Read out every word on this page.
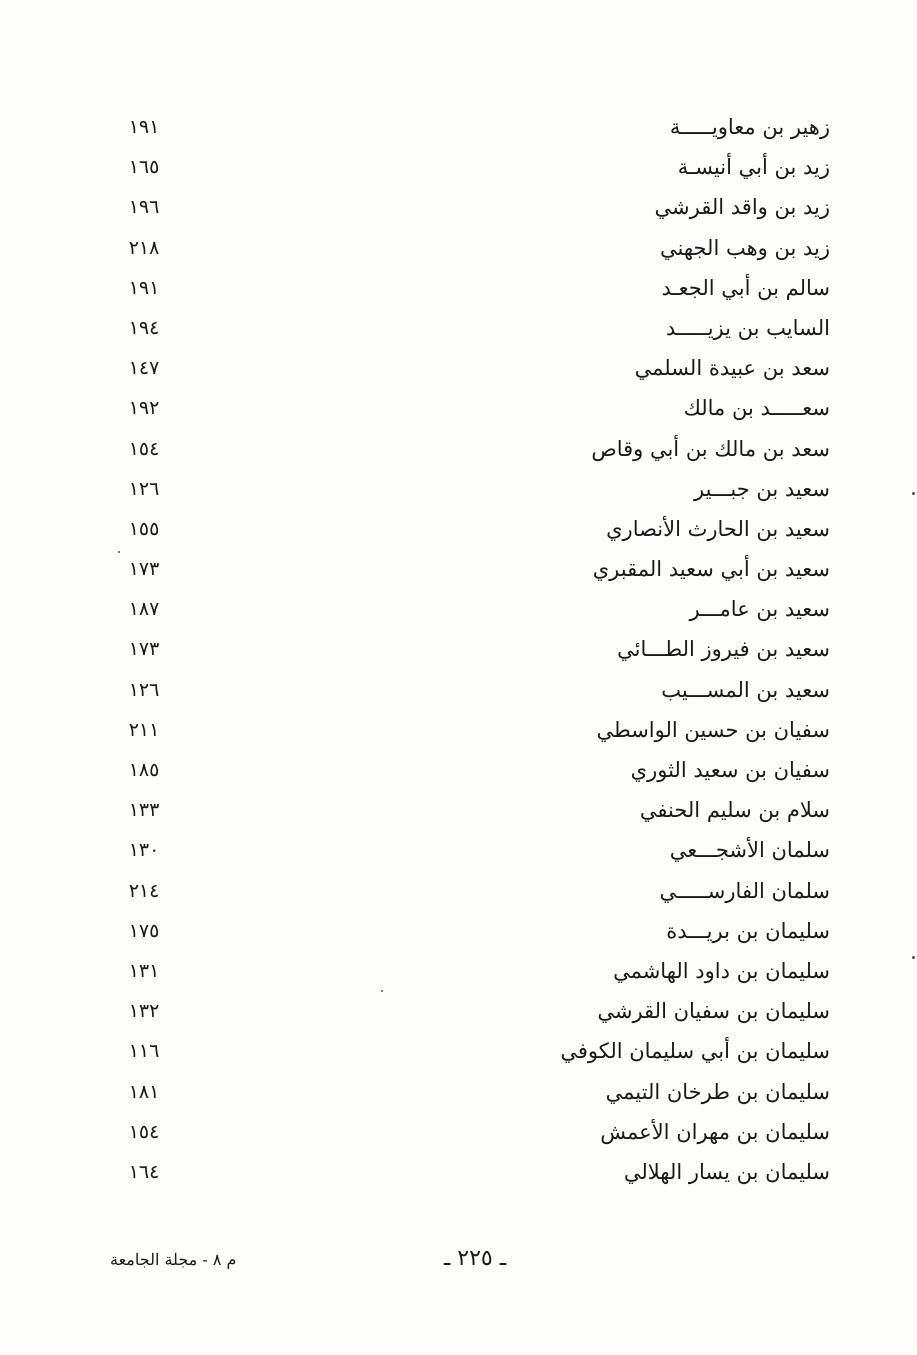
زهير بن معاويـــــة
١٩١
زيد بن أبي أنيسـة
١٦٥
زيد بن واقد القرشي
١٩٦
زيد بن وهب الجهني
٢١٨
سالم بن أبي الجعـد
١٩١
السايب بن يزيـــــد
١٩٤
سعد بن عبيدة السلمي
١٤٧
سعـــــد بن مالك
١٩٢
سعد بن مالك بن أبي وقاص
١٥٤
سعيد بن جبـــير
١٢٦
سعيد بن الحارث الأنصاري
١٥٥
سعيد بن أبي سعيد المقبري
١٧٣
سعيد بن عامـــر
١٨٧
سعيد بن فيروز الطـــائي
١٧٣
سعيد بن المســـيب
١٢٦
سفيان بن حسين الواسطي
٢١١
سفيان بن سعيد الثوري
١٨٥
سلام بن سليم الحنفي
١٣٣
سلمان الأشجـــعي
١٣٠
سلمان الفارســـــي
٢١٤
سليمان بن بريـــدة
١٧٥
سليمان بن داود الهاشمي
١٣١
سليمان بن سفيان القرشي
١٣٢
سليمان بن أبي سليمان الكوفي
١١٦
سليمان بن طرخان التيمي
١٨١
سليمان بن مهران الأعمش
١٥٤
سليمان بن يسار الهلالي
١٦٤
ـ ٢٢٥ ـ
م ٨ - مجلة الجامعة
